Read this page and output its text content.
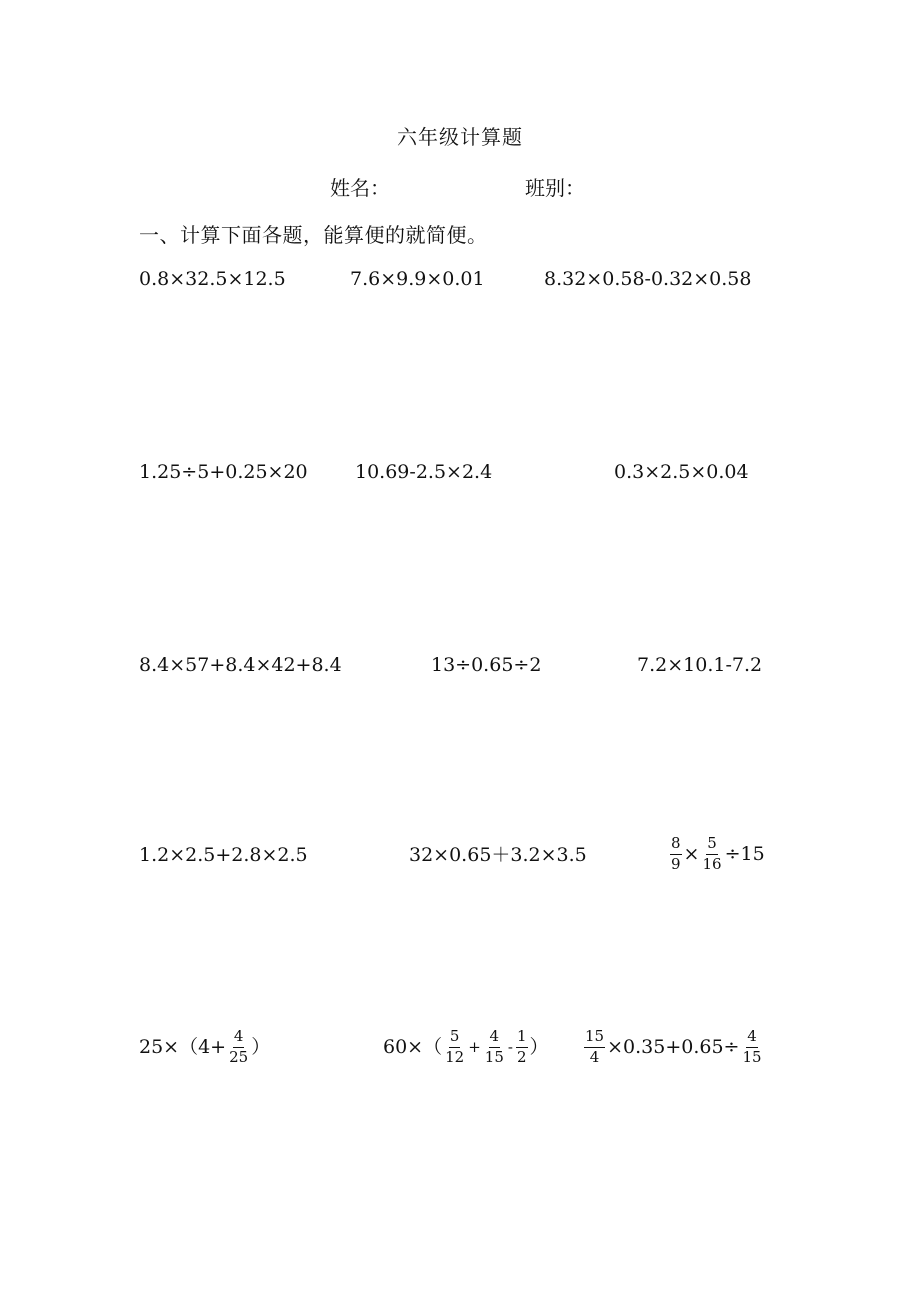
六年级计算题
姓名：	班别：
一、计算下面各题，能算便的就简便。
0.8×32.5×12.5	7.6×9.9×0.01	8.32×0.58-0.32×0.58
1.25÷5+0.25×20 10.69-2.5×2.4	0.3×2.5×0.04
8.4×57+8.4×42+8.4	13÷0.65÷2	7.2×10.1-7.2
1.2×2.5+2.8×2.5	32×0.65＋3.2×3.5	$\frac{8}{9} \times \frac{5}{16} \div 15$
$25\times(4+ \frac{4}{25}$ ）	$60\times( \frac{5}{12} + \frac{4}{15} - \frac{1}{2}$ ） $\frac{15}{4} \times 0.35+0.65\div \frac{4}{15}$
